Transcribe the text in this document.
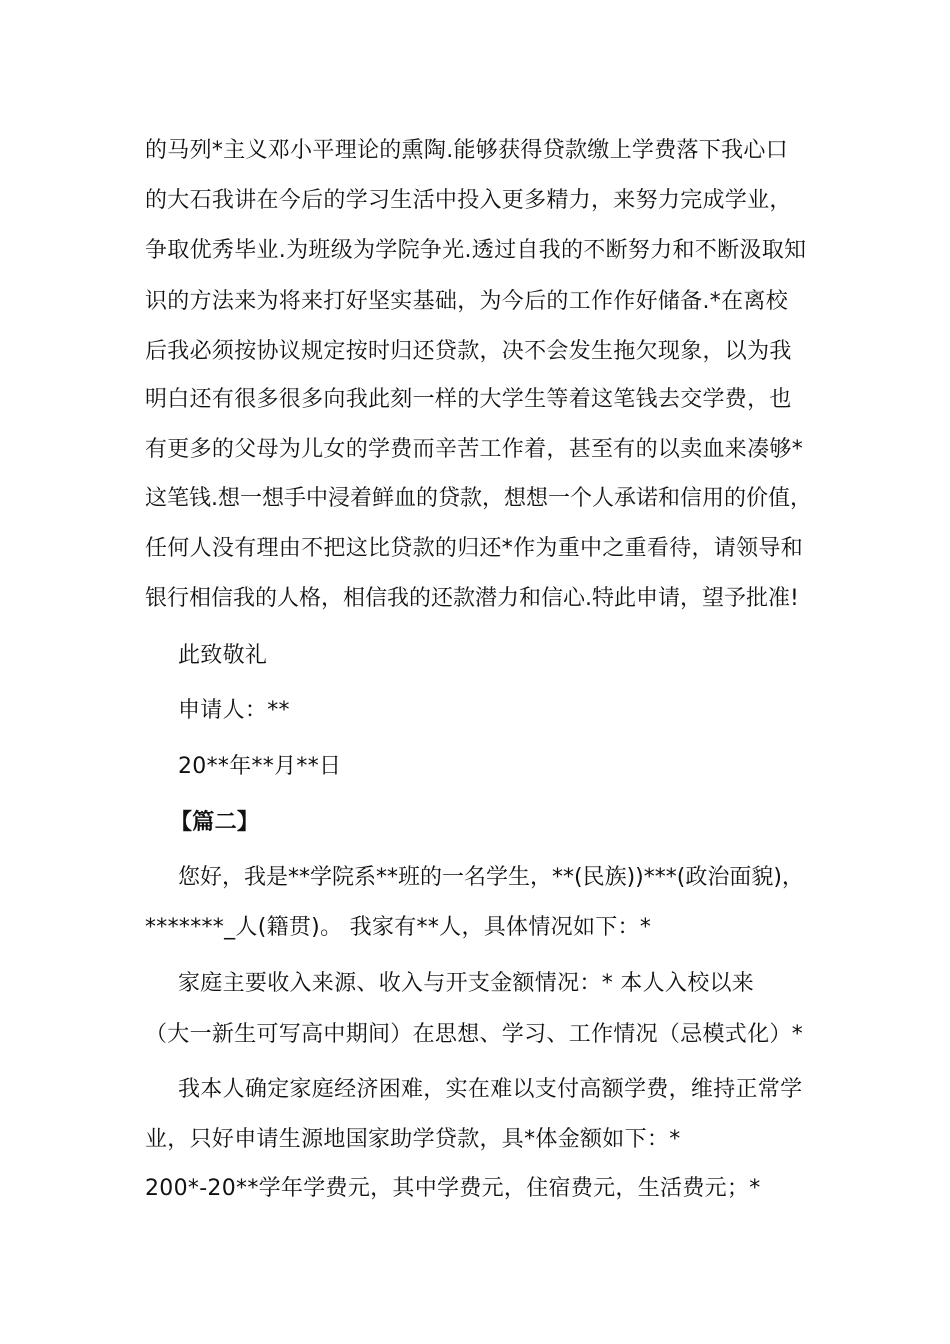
的马列*主义邓小平理论的熏陶.能够获得贷款缴上学费落下我心口
的大石我讲在今后的学习生活中投入更多精力，来努力完成学业，
争取优秀毕业.为班级为学院争光.透过自我的不断努力和不断汲取知
识的方法来为将来打好坚实基础，为今后的工作作好储备.*在离校
后我必须按协议规定按时归还贷款，决不会发生拖欠现象，以为我
明白还有很多很多向我此刻一样的大学生等着这笔钱去交学费，也
有更多的父母为儿女的学费而辛苦工作着，甚至有的以卖血来凑够*
这笔钱.想一想手中浸着鲜血的贷款，想想一个人承诺和信用的价值，
任何人没有理由不把这比贷款的归还*作为重中之重看待，请领导和
银行相信我的人格，相信我的还款潜力和信心.特此申请，望予批准!
此致敬礼
申请人：**
20**年**月**日
【篇二】
您好，我是**学院系**班的一名学生，**(民族))***(政治面貌)，
*******_人(籍贯)。 我家有**人，具体情况如下：*
家庭主要收入来源、收入与开支金额情况：* 本人入校以来
（大一新生可写高中期间）在思想、学习、工作情况（忌模式化）*
我本人确定家庭经济困难，实在难以支付高额学费，维持正常学
业，只好申请生源地国家助学贷款，具*体金额如下：*
200*-20**学年学费元，其中学费元，住宿费元，生活费元；*
